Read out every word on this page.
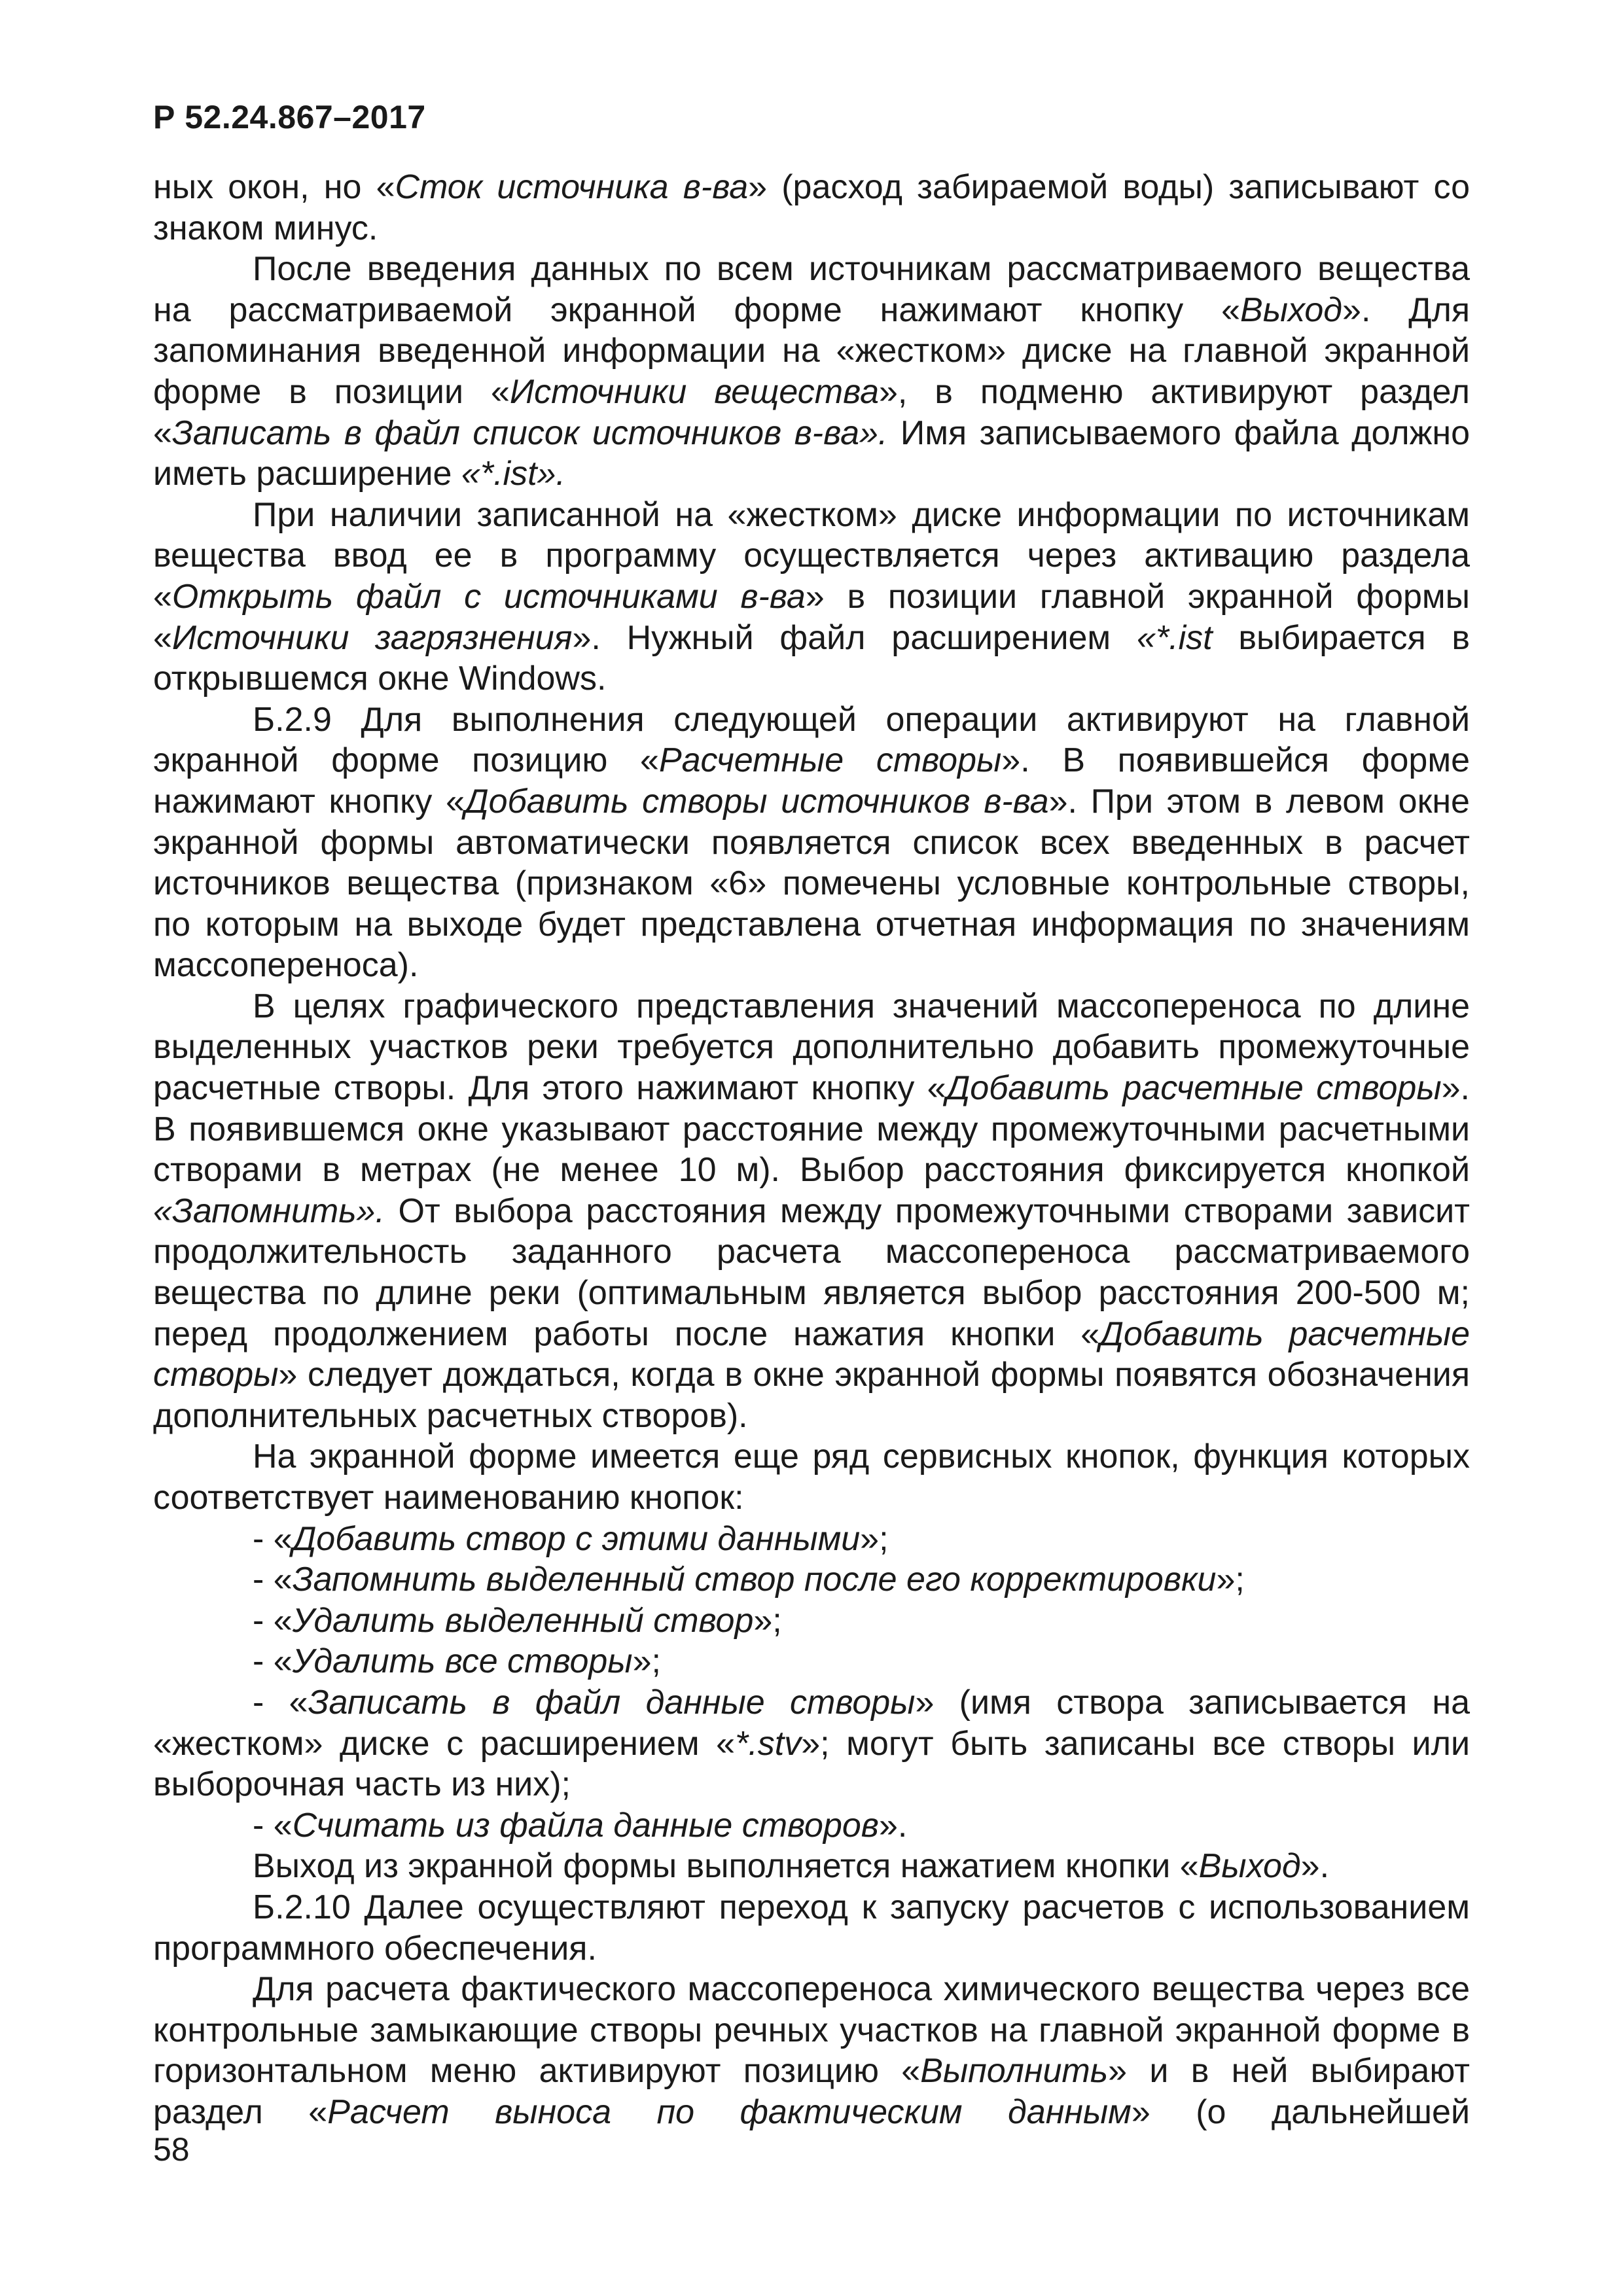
Р 52.24.867–2017

ных окон, но «Сток источника в-ва» (расход забираемой воды) записывают со знаком минус.

После введения данных по всем источникам рассматриваемого вещества на рассматриваемой экранной форме нажимают кнопку «Выход». Для запоминания введенной информации на «жестком» диске на главной экранной форме в позиции «Источники вещества», в подменю активируют раздел «Записать в файл список источников в-ва». Имя записываемого файла должно иметь расширение «*.ist».

При наличии записанной на «жестком» диске информации по источникам вещества ввод ее в программу осуществляется через активацию раздела «Открыть файл с источниками в-ва» в позиции главной экранной формы «Источники загрязнения». Нужный файл расширением «*.ist выбирается в открывшемся окне Windows.

Б.2.9 Для выполнения следующей операции активируют на главной экранной форме позицию «Расчетные створы». В появившейся форме нажимают кнопку «Добавить створы источников в-ва». При этом в левом окне экранной формы автоматически появляется список всех введенных в расчет источников вещества (признаком «6» помечены условные контрольные створы, по которым на выходе будет представлена отчетная информация по значениям массопереноса).

В целях графического представления значений массопереноса по длине выделенных участков реки требуется дополнительно добавить промежуточные расчетные створы. Для этого нажимают кнопку «Добавить расчетные створы». В появившемся окне указывают расстояние между промежуточными расчетными створами в метрах (не менее 10 м). Выбор расстояния фиксируется кнопкой «Запомнить». От выбора расстояния между промежуточными створами зависит продолжительность заданного расчета массопереноса рассматриваемого вещества по длине реки (оптимальным является выбор расстояния 200-500 м; перед продолжением работы после нажатия кнопки «Добавить расчетные створы» следует дождаться, когда в окне экранной формы появятся обозначения дополнительных расчетных створов).

На экранной форме имеется еще ряд сервисных кнопок, функция которых соответствует наименованию кнопок:

- «Добавить створ с этими данными»;

- «Запомнить выделенный створ после его корректировки»;

- «Удалить выделенный створ»;

- «Удалить все створы»;

- «Записать в файл данные створы» (имя створа записывается на «жестком» диске с расширением «*.stv»; могут быть записаны все створы или выборочная часть из них);

- «Считать из файла данные створов».

Выход из экранной формы выполняется нажатием кнопки «Выход».

Б.2.10 Далее осуществляют переход к запуску расчетов с использованием программного обеспечения.

Для расчета фактического массопереноса химического вещества через все контрольные замыкающие створы речных участков на главной экранной форме в горизонтальном меню активируют позицию «Выполнить» и в ней выбирают раздел «Расчет выноса по фактическим данным» (о дальнейшей

58
